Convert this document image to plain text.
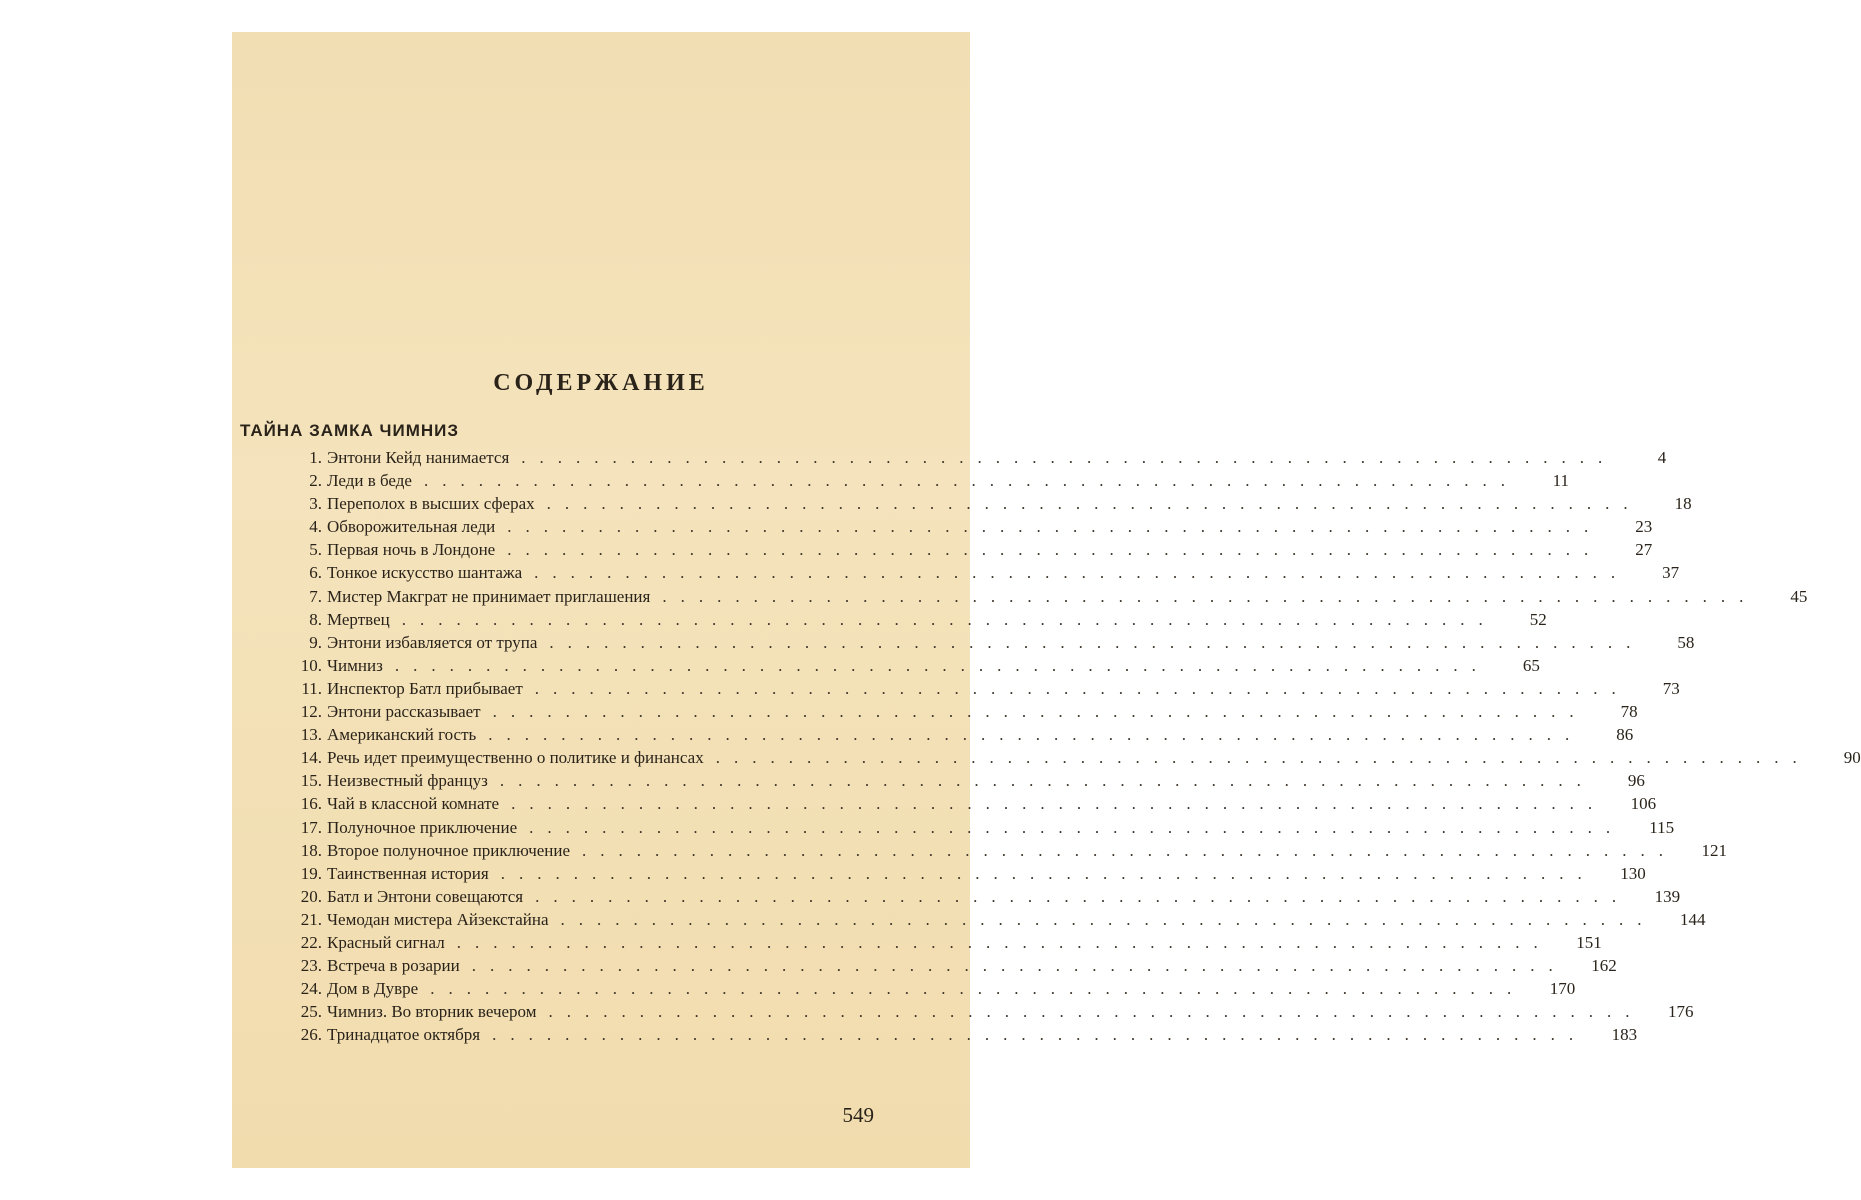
СОДЕРЖАНИЕ
ТАЙНА ЗАМКА ЧИМНИЗ
1. Энтони Кейд нанимается ............................................................	4
2. Леди в беде ............................................................	11
3. Переполох в высших сферах ............................................................	18
4. Обворожительная леди ............................................................	23
5. Первая ночь в Лондоне ............................................................	27
6. Тонкое искусство шантажа ............................................................	37
7. Мистер Макграт не принимает приглашения ............................................................	45
8. Мертвец ............................................................	52
9. Энтони избавляется от трупа ............................................................	58
10. Чимниз ............................................................	65
11. Инспектор Батл прибывает ............................................................	73
12. Энтони рассказывает ............................................................	78
13. Американский гость ............................................................	86
14. Речь идет преимущественно о политике и финансах ............................................................	90
15. Неизвестный француз ............................................................	96
16. Чай в классной комнате ............................................................	106
17. Полуночное приключение ............................................................	115
18. Второе полуночное приключение ............................................................	121
19. Таинственная история ............................................................	130
20. Батл и Энтони совещаются ............................................................	139
21. Чемодан мистера Айзекстайна ............................................................	144
22. Красный сигнал ............................................................	151
23. Встреча в розарии ............................................................	162
24. Дом в Дувре ............................................................	170
25. Чимниз. Во вторник вечером ............................................................	176
26. Тринадцатое октября ............................................................	183
549
